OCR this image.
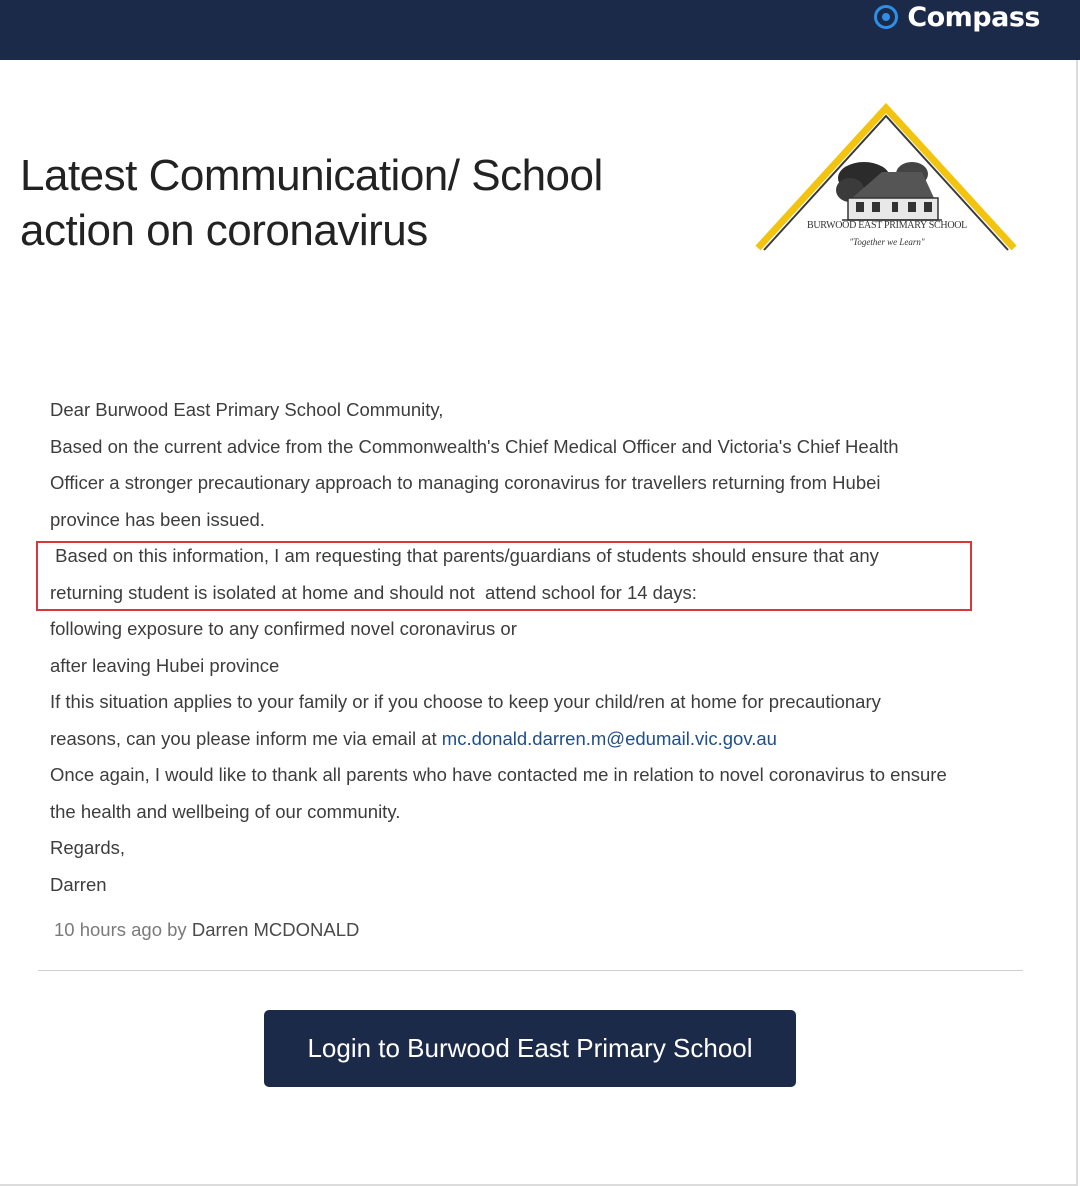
Compass
Latest Communication/ School action on coronavirus	BURWOOD EAST PRIMARY SCHOOL
"Together we Learn"

Dear Burwood East Primary School Community,

Based on the current advice from the Commonwealth's Chief Medical Officer and Victoria's Chief Health

Officer a stronger precautionary approach to managing coronavirus for travellers returning from Hubei

province has been issued.

Based on this information, I am requesting that parents/guardians of students should ensure that any

returning student is isolated at home and should not  attend school for 14 days:

following exposure to any confirmed novel coronavirus or

after leaving Hubei province

If this situation applies to your family or if you choose to keep your child/ren at home for precautionary

reasons, can you please inform me via email at mc.donald.darren.m@edumail.vic.gov.au

Once again, I would like to thank all parents who have contacted me in relation to novel coronavirus to ensure

the health and wellbeing of our community.

Regards,

Darren

10 hours ago by Darren MCDONALD
Login to Burwood East Primary School
